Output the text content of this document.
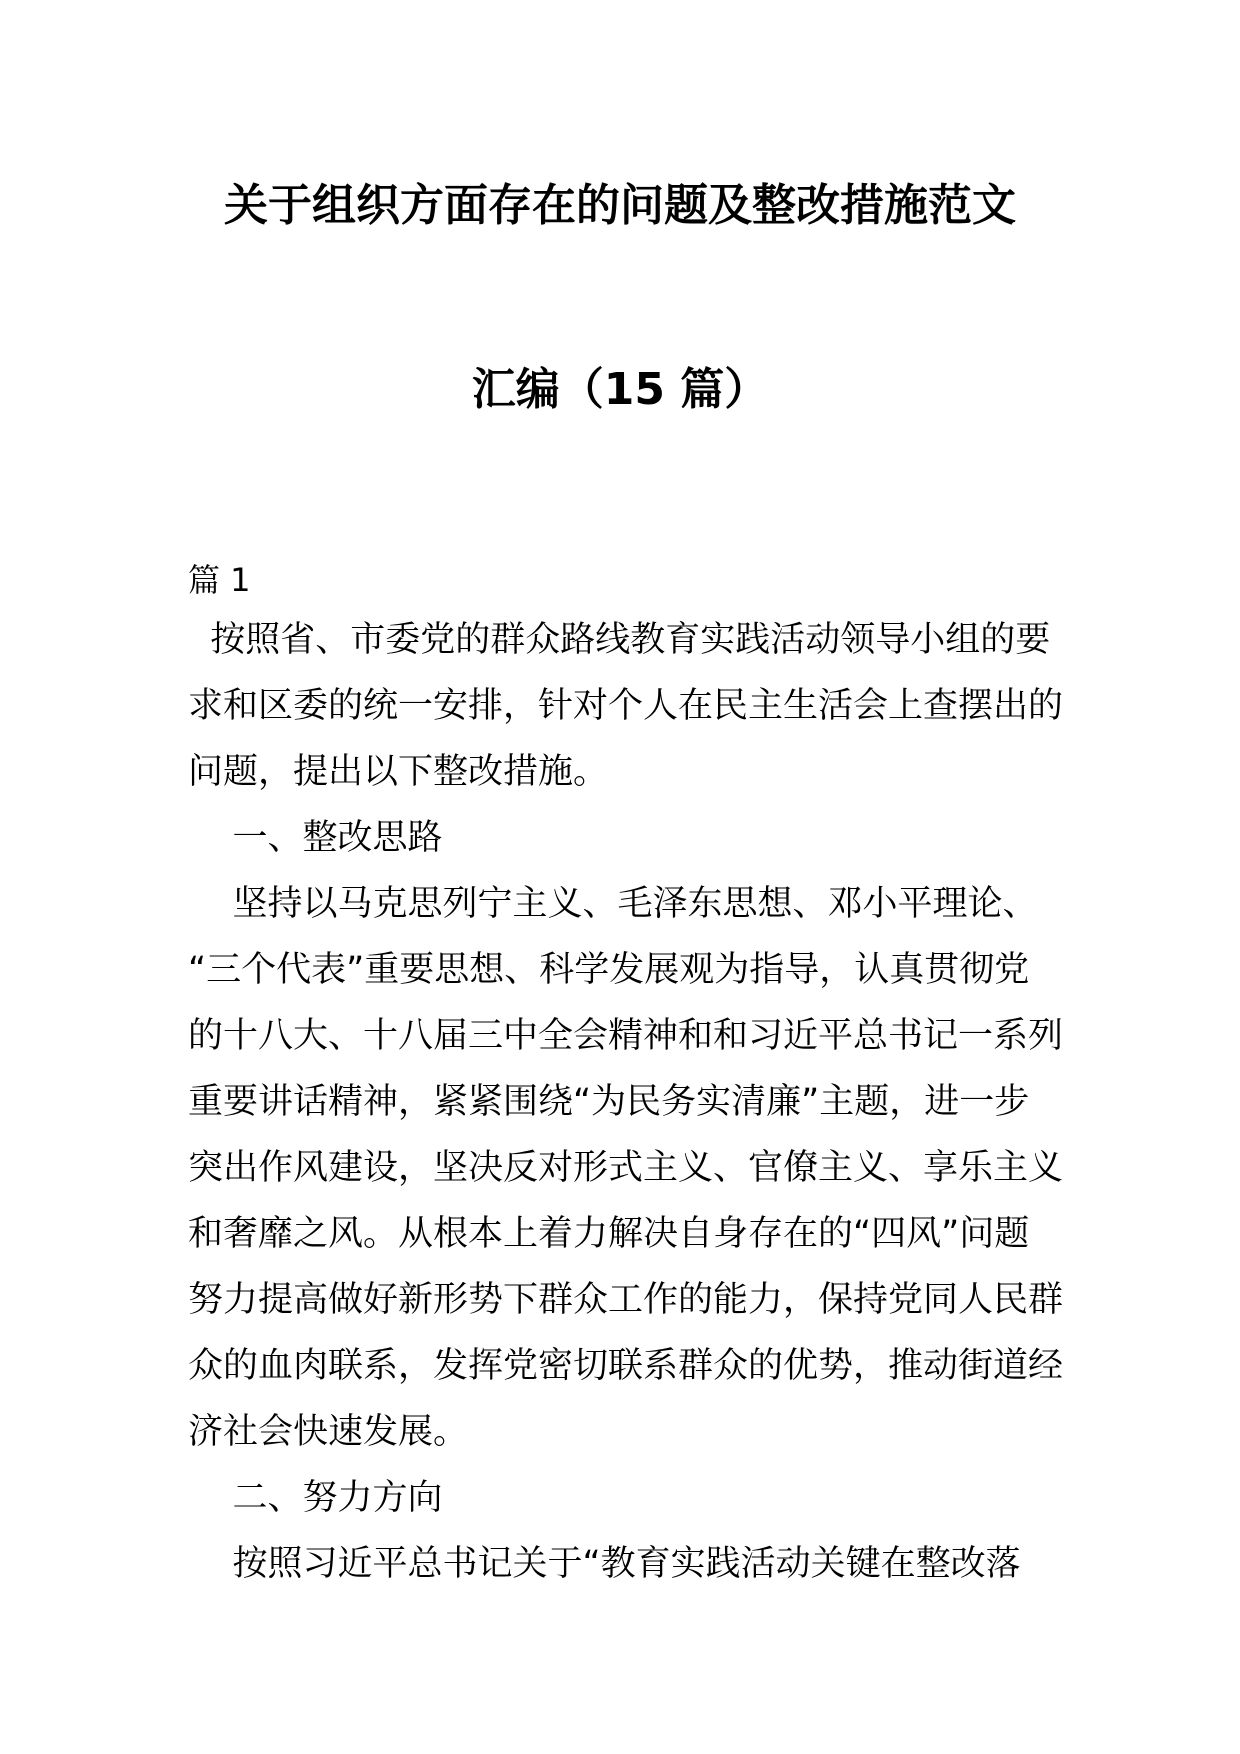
关于组织方面存在的问题及整改措施范文
汇编（15 篇）
篇 1
按照省、市委党的群众路线教育实践活动领导小组的要
求和区委的统一安排，针对个人在民主生活会上查摆出的
问题，提出以下整改措施。
一、整改思路
坚持以马克思列宁主义、毛泽东思想、邓小平理论、
“三个代表”重要思想、科学发展观为指导，认真贯彻党
的十八大、十八届三中全会精神和和习近平总书记一系列
重要讲话精神，紧紧围绕“为民务实清廉”主题，进一步
突出作风建设，坚决反对形式主义、官僚主义、享乐主义
和奢靡之风。从根本上着力解决自身存在的“四风”问题
努力提高做好新形势下群众工作的能力，保持党同人民群
众的血肉联系，发挥党密切联系群众的优势，推动街道经
济社会快速发展。
二、努力方向
按照习近平总书记关于“教育实践活动关键在整改落
